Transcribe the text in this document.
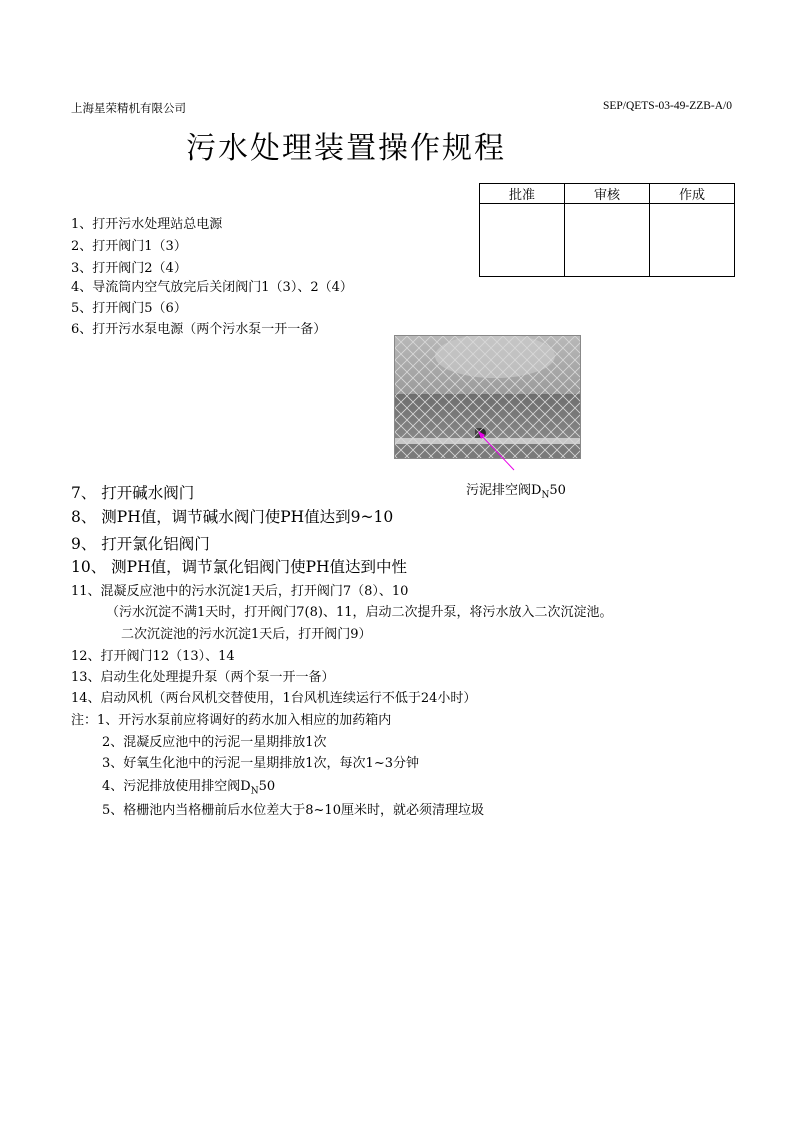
上海星荣精机有限公司	SEP/QETS-03-49-ZZB-A/0
污水处理装置操作规程
批准	审核	作成

1、打开污水处理站总电源
2、打开阀门1（3）
3、打开阀门2（4）
4、导流筒内空气放完后关闭阀门1（3）、2（4）
5、打开阀门5（6）
6、打开污水泵电源（两个污水泵一开一备）
污泥排空阀$D_N50$
7、 打开碱水阀门
8、 测PH值，调节碱水阀门使PH值达到9~10
9、 打开氯化铝阀门
10、 测PH值，调节氯化铝阀门使PH值达到中性
11、混凝反应池中的污水沉淀1天后，打开阀门7（8）、10
（污水沉淀不满1天时，打开阀门7(8)、11，启动二次提升泵，将污水放入二次沉淀池。
二次沉淀池的污水沉淀1天后，打开阀门9）
12、打开阀门12（13）、14
13、启动生化处理提升泵（两个泵一开一备）
14、启动风机（两台风机交替使用，1台风机连续运行不低于24小时）
注：1、开污水泵前应将调好的药水加入相应的加药箱内
2、混凝反应池中的污泥一星期排放1次
3、好氧生化池中的污泥一星期排放1次，每次1~3分钟
4、污泥排放使用排空阀$D_N50$
5、格栅池内当格栅前后水位差大于8~10厘米时，就必须清理垃圾
